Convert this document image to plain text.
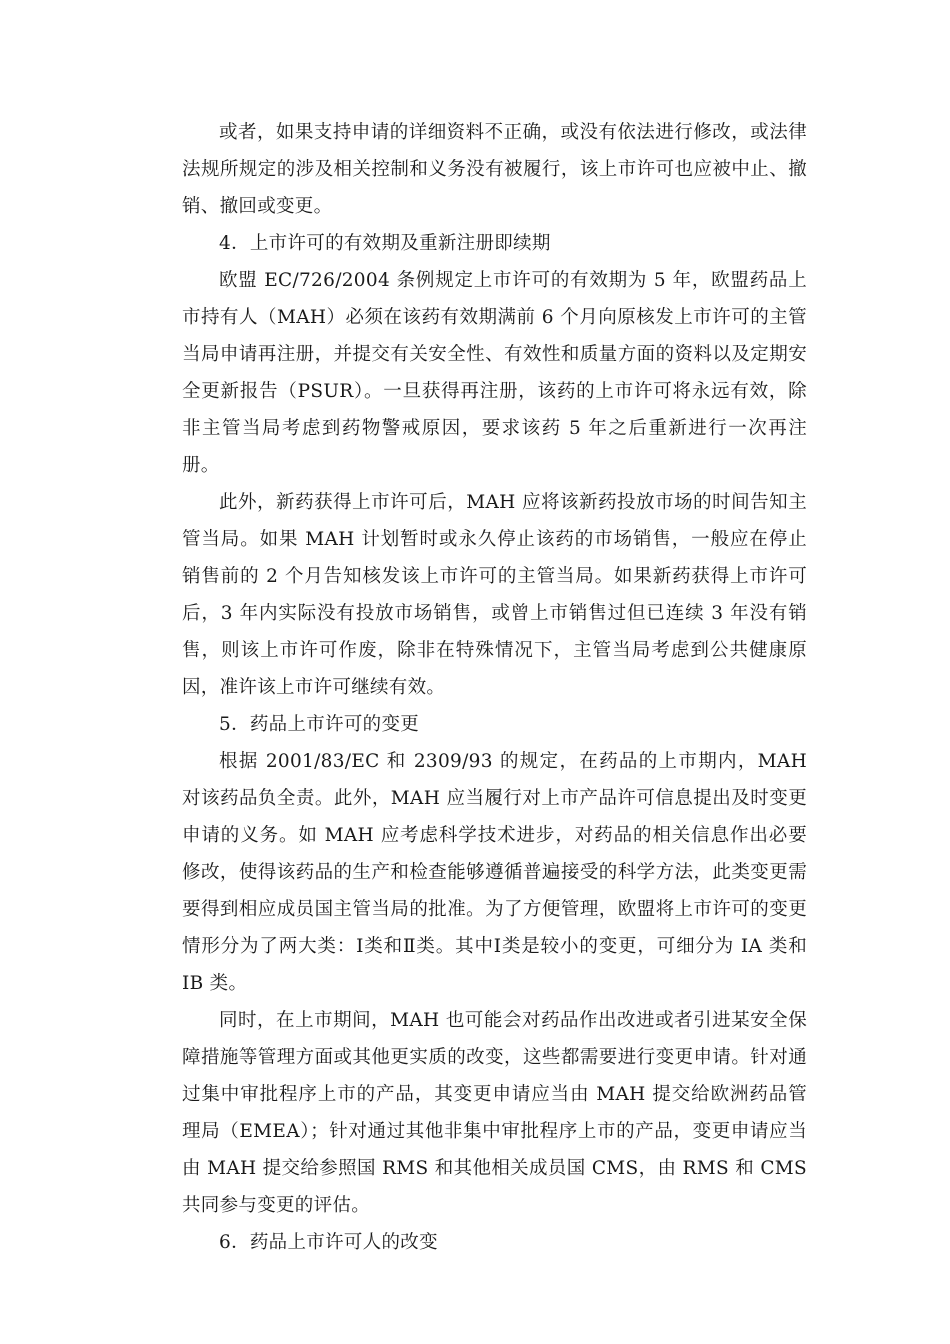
或者，如果支持申请的详细资料不正确，或没有依法进行修改，或法律法规所规定的涉及相关控制和义务没有被履行，该上市许可也应被中止、撤销、撤回或变更。

4．上市许可的有效期及重新注册即续期

欧盟 EC/726/2004 条例规定上市许可的有效期为 5 年，欧盟药品上市持有人（MAH）必须在该药有效期满前 6 个月向原核发上市许可的主管当局申请再注册，并提交有关安全性、有效性和质量方面的资料以及定期安全更新报告（PSUR）。一旦获得再注册，该药的上市许可将永远有效，除非主管当局考虑到药物警戒原因，要求该药 5 年之后重新进行一次再注册。

此外，新药获得上市许可后，MAH 应将该新药投放市场的时间告知主管当局。如果 MAH 计划暂时或永久停止该药的市场销售，一般应在停止销售前的 2 个月告知核发该上市许可的主管当局。如果新药获得上市许可后，3 年内实际没有投放市场销售，或曾上市销售过但已连续 3 年没有销售，则该上市许可作废，除非在特殊情况下，主管当局考虑到公共健康原因，准许该上市许可继续有效。

5．药品上市许可的变更

根据 2001/83/EC 和 2309/93 的规定，在药品的上市期内，MAH 对该药品负全责。此外，MAH 应当履行对上市产品许可信息提出及时变更申请的义务。如 MAH 应考虑科学技术进步，对药品的相关信息作出必要修改，使得该药品的生产和检查能够遵循普遍接受的科学方法，此类变更需要得到相应成员国主管当局的批准。为了方便管理，欧盟将上市许可的变更情形分为了两大类：Ⅰ类和Ⅱ类。其中Ⅰ类是较小的变更，可细分为 IA 类和 IB 类。

同时，在上市期间，MAH 也可能会对药品作出改进或者引进某安全保障措施等管理方面或其他更实质的改变，这些都需要进行变更申请。针对通过集中审批程序上市的产品，其变更申请应当由 MAH 提交给欧洲药品管理局（EMEA）；针对通过其他非集中审批程序上市的产品，变更申请应当由 MAH 提交给参照国 RMS 和其他相关成员国 CMS，由 RMS 和 CMS 共同参与变更的评估。

6．药品上市许可人的改变
